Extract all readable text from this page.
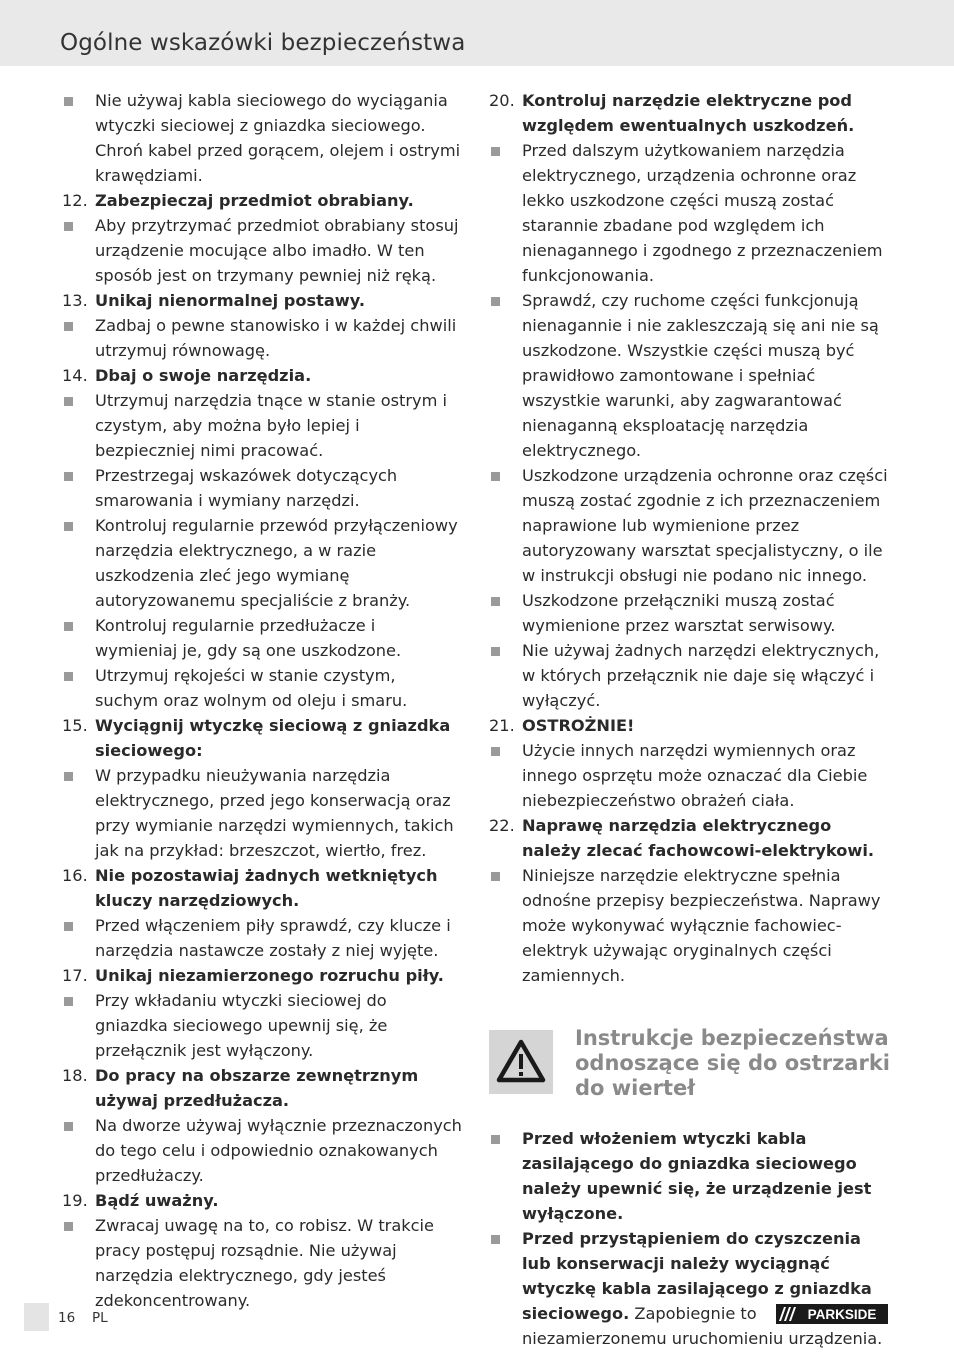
Ogólne wskazówki bezpieczeństwa
Nie używaj kabla sieciowego do wyciągania wtyczki sieciowej z gniazdka sieciowego. Chroń kabel przed gorącem, olejem i ostrymi krawędziami.
12. Zabezpieczaj przedmiot obrabiany.
Aby przytrzymać przedmiot obrabiany stosuj urządzenie mocujące albo imadło. W ten sposób jest on trzymany pewniej niż ręką.
13. Unikaj nienormalnej postawy.
Zadbaj o pewne stanowisko i w każdej chwili utrzymuj równowagę.
14. Dbaj o swoje narzędzia.
Utrzymuj narzędzia tnące w stanie ostrym i czystym, aby można było lepiej i bezpieczniej nimi pracować.
Przestrzegaj wskazówek dotyczących smarowania i wymiany narzędzi.
Kontroluj regularnie przewód przyłączeniowy narzędzia elektrycznego, a w razie uszkodzenia zleć jego wymianę autoryzowanemu specjaliście z branży.
Kontroluj regularnie przedłużacze i wymieniaj je, gdy są one uszkodzone.
Utrzymuj rękojeści w stanie czystym, suchym oraz wolnym od oleju i smaru.
15. Wyciągnij wtyczkę sieciową z gniazdka sieciowego:
W przypadku nieużywania narzędzia elektrycznego, przed jego konserwacją oraz przy wymianie narzędzi wymiennych, takich jak na przykład: brzeszczot, wiertło, frez.
16. Nie pozostawiaj żadnych wetkniętych kluczy narzędziowych.
Przed włączeniem piły sprawdź, czy klucze i narzędzia nastawcze zostały z niej wyjęte.
17. Unikaj niezamierzonego rozruchu piły.
Przy wkładaniu wtyczki sieciowej do gniazdka sieciowego upewnij się, że przełącznik jest wyłączony.
18. Do pracy na obszarze zewnętrznym używaj przedłużacza.
Na dworze używaj wyłącznie przeznaczonych do tego celu i odpowiednio oznakowanych przedłużaczy.
19. Bądź uważny.
Zwracaj uwagę na to, co robisz. W trakcie pracy postępuj rozsądnie. Nie używaj narzędzia elektrycznego, gdy jesteś zdekoncentrowany.
20. Kontroluj narzędzie elektryczne pod względem ewentualnych uszkodzeń.
Przed dalszym użytkowaniem narzędzia elektrycznego, urządzenia ochronne oraz lekko uszkodzone części muszą zostać starannie zbadane pod względem ich nienagannego i zgodnego z przeznaczeniem funkcjonowania.
Sprawdź, czy ruchome części funkcjonują nienagannie i nie zakleszczają się ani nie są uszkodzone. Wszystkie części muszą być prawidłowo zamontowane i spełniać wszystkie warunki, aby zagwarantować nienaganną eksploatację narzędzia elektrycznego.
Uszkodzone urządzenia ochronne oraz części muszą zostać zgodnie z ich przeznaczeniem naprawione lub wymienione przez autoryzowany warsztat specjalistyczny, o ile w instrukcji obsługi nie podano nic innego.
Uszkodzone przełączniki muszą zostać wymienione przez warsztat serwisowy.
Nie używaj żadnych narzędzi elektrycznych, w których przełącznik nie daje się włączyć i wyłączyć.
21. OSTROŻNIE!
Użycie innych narzędzi wymiennych oraz innego osprzętu może oznaczać dla Ciebie niebezpieczeństwo obrażeń ciała.
22. Naprawę narzędzia elektrycznego należy zlecać fachowcowi-elektrykowi.
Niniejsze narzędzie elektryczne spełnia odnośne przepisy bezpieczeństwa. Naprawy może wykonywać wyłącznie fachowiec-elektryk używając oryginalnych części zamiennych.
Instrukcje bezpieczeństwa odnoszące się do ostrzarki do wierteł
Przed włożeniem wtyczki kabla zasilającego do gniazdka sieciowego należy upewnić się, że urządzenie jest wyłączone.
Przed przystąpieniem do czyszczenia lub konserwacji należy wyciągnąć wtyczkę kabla zasilającego z gniazdka sieciowego. Zapobiegnie to niezamierzonemu uruchomieniu urządzenia.
16 PL	PARKSIDE
